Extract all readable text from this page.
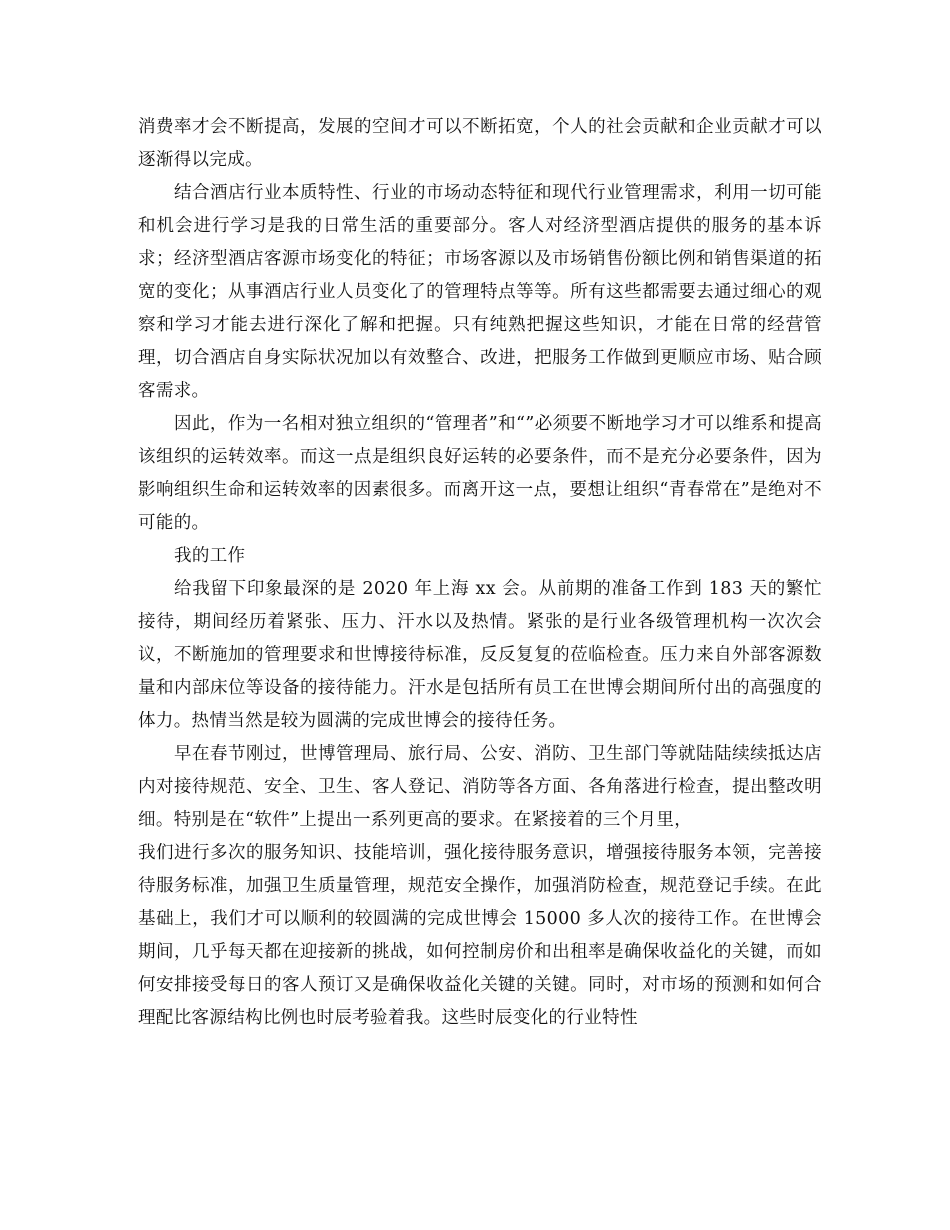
消费率才会不断提高，发展的空间才可以不断拓宽，个人的社会贡献和企业贡献才可以逐渐得以完成。

结合酒店行业本质特性、行业的市场动态特征和现代行业管理需求，利用一切可能和机会进行学习是我的日常生活的重要部分。客人对经济型酒店提供的服务的基本诉求；经济型酒店客源市场变化的特征；市场客源以及市场销售份额比例和销售渠道的拓宽的变化；从事酒店行业人员变化了的管理特点等等。所有这些都需要去通过细心的观察和学习才能去进行深化了解和把握。只有纯熟把握这些知识，才能在日常的经营管理，切合酒店自身实际状况加以有效整合、改进，把服务工作做到更顺应市场、贴合顾客需求。

因此，作为一名相对独立组织的“管理者”和“”必须要不断地学习才可以维系和提高该组织的运转效率。而这一点是组织良好运转的必要条件，而不是充分必要条件，因为影响组织生命和运转效率的因素很多。而离开这一点，要想让组织“青春常在”是绝对不可能的。

我的工作

给我留下印象最深的是 2020 年上海 xx 会。从前期的准备工作到 183 天的繁忙接待，期间经历着紧张、压力、汗水以及热情。紧张的是行业各级管理机构一次次会议，不断施加的管理要求和世博接待标准，反反复复的莅临检查。压力来自外部客源数量和内部床位等设备的接待能力。汗水是包括所有员工在世博会期间所付出的高强度的体力。热情当然是较为圆满的完成世博会的接待任务。

早在春节刚过，世博管理局、旅行局、公安、消防、卫生部门等就陆陆续续抵达店内对接待规范、安全、卫生、客人登记、消防等各方面、各角落进行检查，提出整改明细。特别是在“软件”上提出一系列更高的要求。在紧接着的三个月里，

我们进行多次的服务知识、技能培训，强化接待服务意识，增强接待服务本领，完善接待服务标准，加强卫生质量管理，规范安全操作，加强消防检查，规范登记手续。在此基础上，我们才可以顺利的较圆满的完成世博会 15000 多人次的接待工作。在世博会期间，几乎每天都在迎接新的挑战，如何控制房价和出租率是确保收益化的关键，而如何安排接受每日的客人预订又是确保收益化关键的关键。同时，对市场的预测和如何合理配比客源结构比例也时辰考验着我。这些时辰变化的行业特性
